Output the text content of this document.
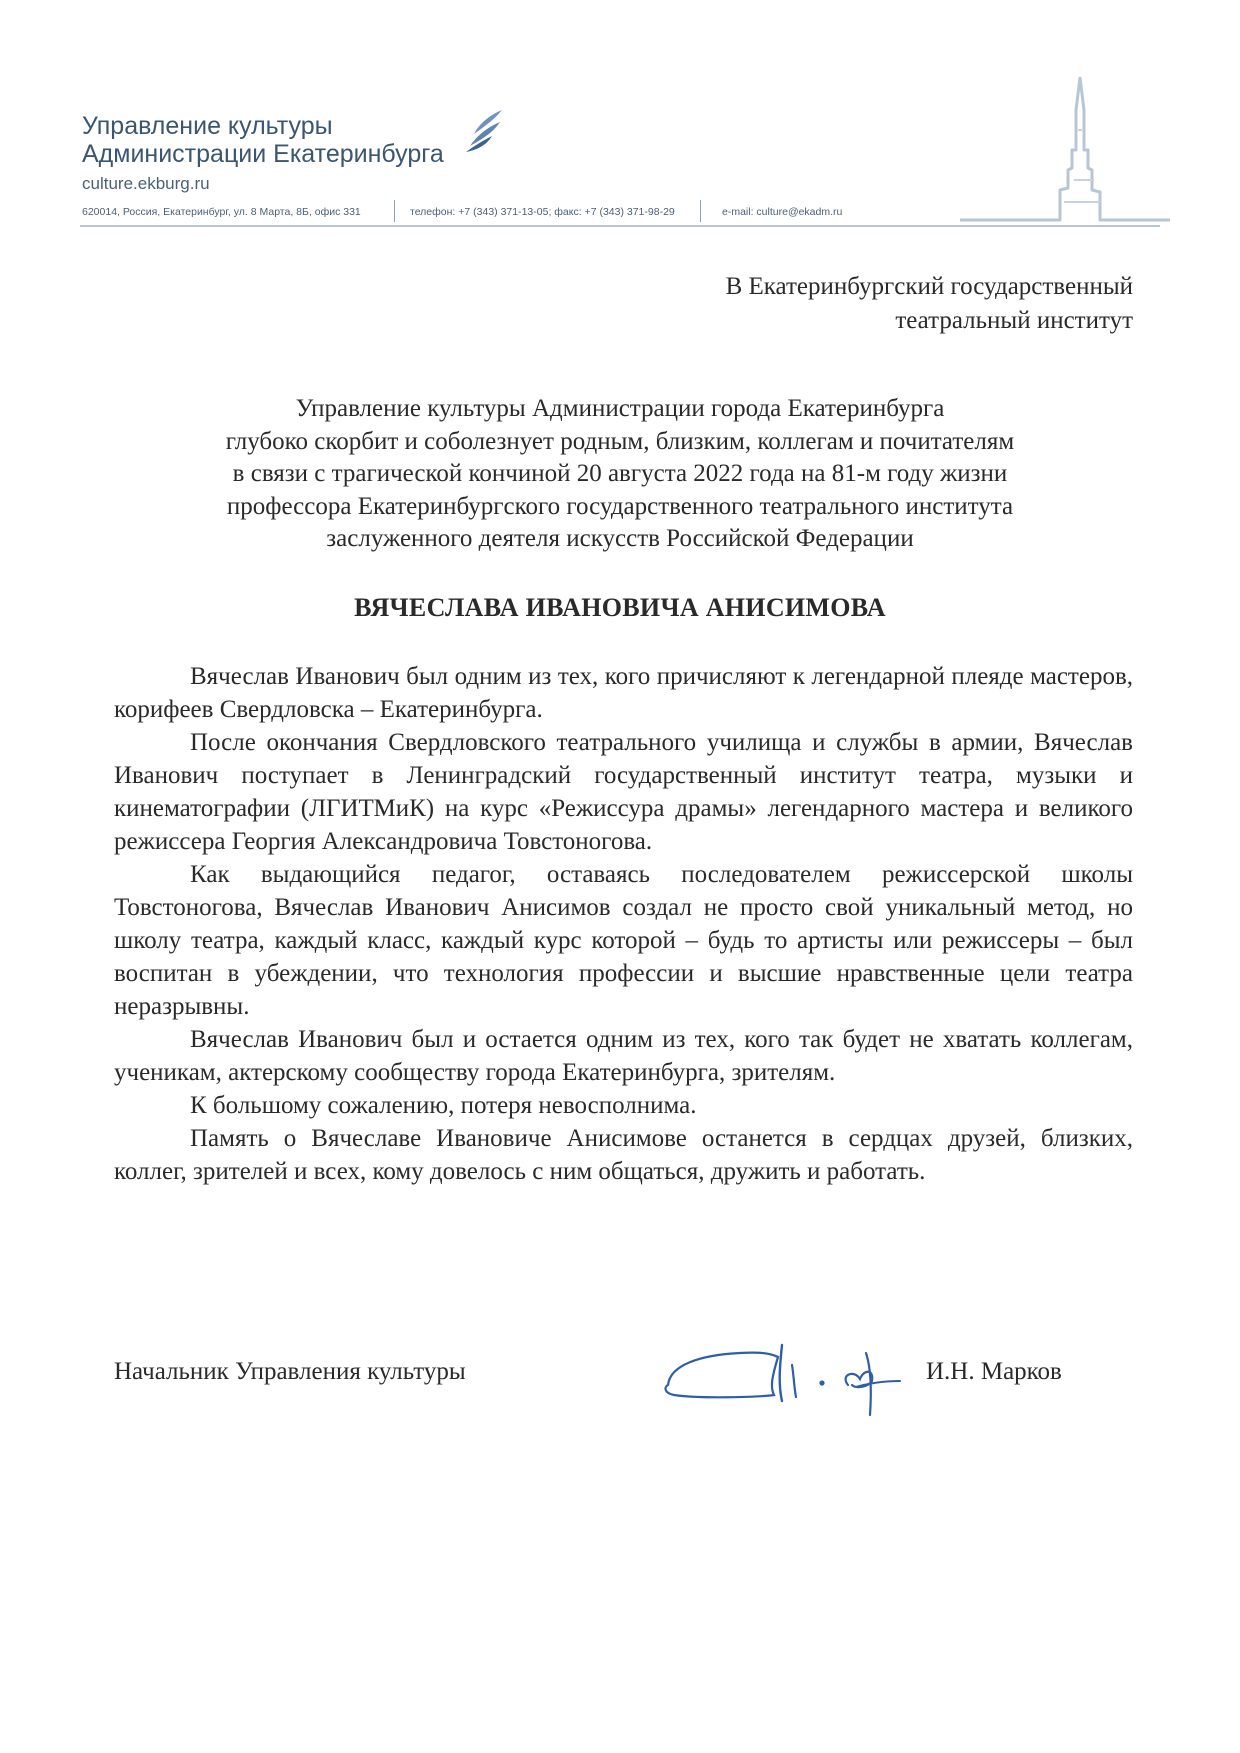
Управление культуры
Администрации Екатеринбурга
culture.ekburg.ru
620014, Россия, Екатеринбург, ул. 8 Марта, 8Б, офис 331	телефон: +7 (343) 371-13-05; факс: +7 (343) 371-98-29	e-mail: culture@ekadm.ru
В Екатеринбургский государственный
театральный институт
Управление культуры Администрации города Екатеринбурга
глубоко скорбит и соболезнует родным, близким, коллегам и почитателям
в связи с трагической кончиной 20 августа 2022 года на 81-м году жизни
профессора Екатеринбургского государственного театрального института
заслуженного деятеля искусств Российской Федерации
ВЯЧЕСЛАВА ИВАНОВИЧА АНИСИМОВА

Вячеслав Иванович был одним из тех, кого причисляют к легендарной плеяде мастеров, корифеев Свердловска – Екатеринбурга.

После окончания Свердловского театрального училища и службы в армии, Вячеслав Иванович поступает в Ленинградский государственный институт театра, музыки и кинематографии (ЛГИТМиК) на курс «Режиссура драмы» легендарного мастера и великого режиссера Георгия Александровича Товстоногова.

Как выдающийся педагог, оставаясь последователем режиссерской школы Товстоногова, Вячеслав Иванович Анисимов создал не просто свой уникальный метод, но школу театра, каждый класс, каждый курс которой – будь то артисты или режиссеры – был воспитан в убеждении, что технология профессии и высшие нравственные цели театра неразрывны.

Вячеслав Иванович был и остается одним из тех, кого так будет не хватать коллегам, ученикам, актерскому сообществу города Екатеринбурга, зрителям.

К большому сожалению, потеря невосполнима.

Память о Вячеславе Ивановиче Анисимове останется в сердцах друзей, близких, коллег, зрителей и всех, кому довелось с ним общаться, дружить и работать.

Начальник Управления культуры	И.Н. Марков
